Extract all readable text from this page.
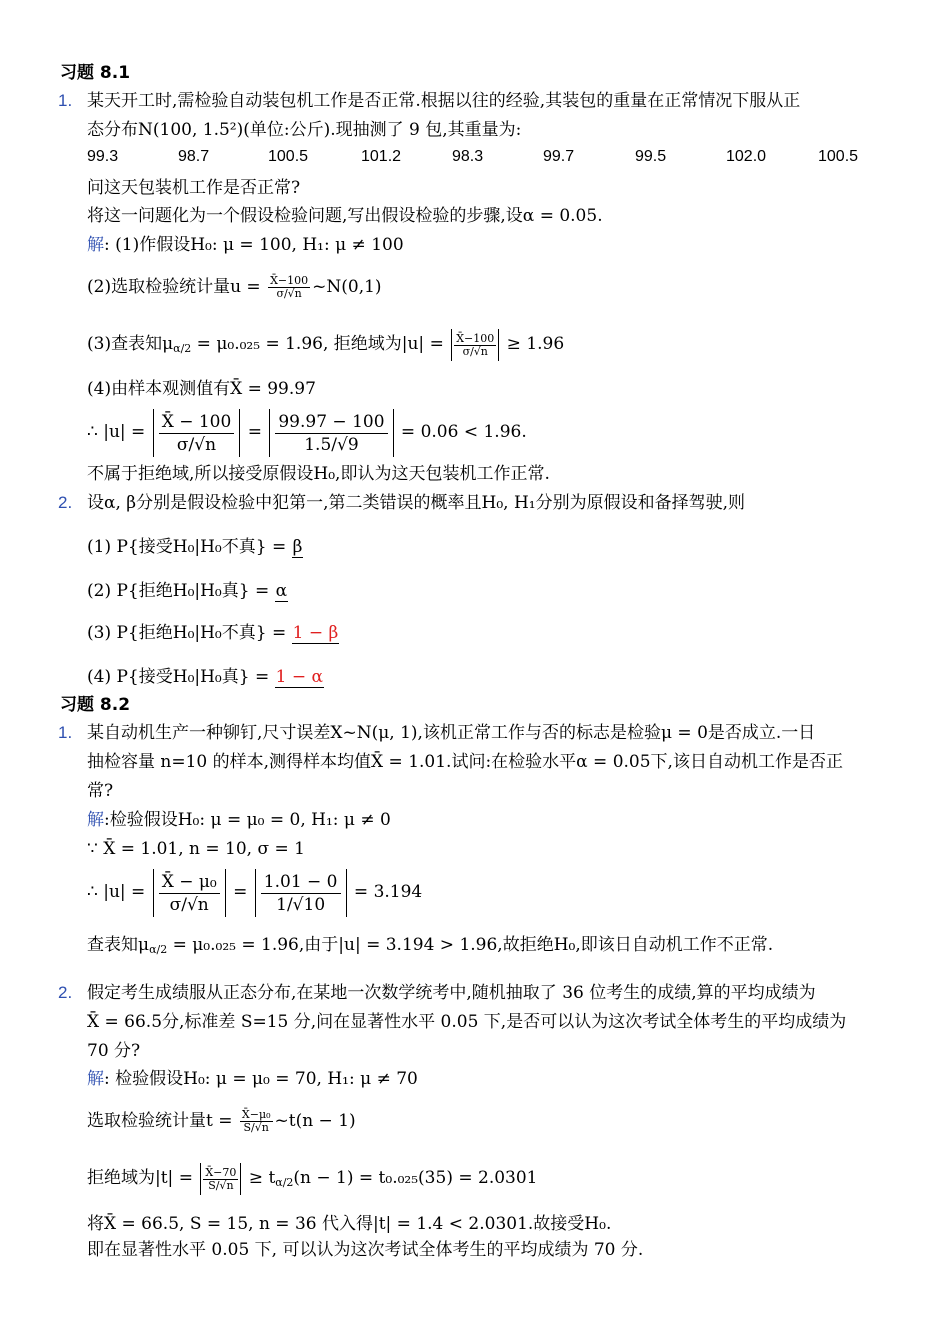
习题 8.1
1. 某天开工时,需检验自动装包机工作是否正常.根据以往的经验,其装包的重量在正常情况下服从正
态分布N(100, 1.5²)(单位:公斤).现抽测了 9 包,其重量为:
99.3	98.7	100.5	101.2	98.3	99.7	99.5	102.0	100.5
问这天包装机工作是否正常?
将这一问题化为一个假设检验问题,写出假设检验的步骤,设α = 0.05.
解: (1)作假设H₀: μ = 100, H₁: μ ≠ 100
(2)选取检验统计量$u = \frac{X̄-100}{\sigma/√n}$ ~N(0,1)
(3)查表知$\mu_{\alpha/2} = \mu_0._{025} = 1.96$, 拒绝域为$|u| = \frac{X̄-100}{\sigma/√n} \ge 1.96$
(4)由样本观测值有X̄ = 99.97
∴ $|u| = \frac{X̄ - 100}{\sigma/√n} = \frac{99.97 - 100}{1.5/√9} = 0.06 < 1.96$.
不属于拒绝域,所以接受原假设H₀,即认为这天包装机工作正常.
2. 设α, β分别是假设检验中犯第一,第二类错误的概率且H₀, H₁分别为原假设和备择驾驶,则
(1) P{接受H₀|H₀不真} = β
(2) P{拒绝H₀|H₀真} = α
(3) P{拒绝H₀|H₀不真} = 1 − β
(4) P{接受H₀|H₀真} = 1 − α
习题 8.2
1. 某自动机生产一种铆钉,尺寸误差X~N(μ, 1),该机正常工作与否的标志是检验μ = 0是否成立.一日
抽检容量 n=10 的样本,测得样本均值X̄ = 1.01.试问:在检验水平α = 0.05下,该日自动机工作是否正
常?
解:检验假设H₀: μ = μ₀ = 0, H₁: μ ≠ 0
∵ X̄ = 1.01, n = 10, σ = 1
∴ $|u| = \frac{\text{X̄ − μ₀}}{\sigma/√n} = \frac{1.01 - 0}{1/√10} = 3.194$
查表知$\mu_{\alpha/2} = \mu_0._{025} = 1.96$,由于|u| = 3.194 > 1.96,故拒绝H₀,即该日自动机工作不正常.
2. 假定考生成绩服从正态分布,在某地一次数学统考中,随机抽取了 36 位考生的成绩,算的平均成绩为
X̄ = 66.5分,标准差 S=15 分,问在显著性水平 0.05 下,是否可以认为这次考试全体考生的平均成绩为
70 分?
解: 检验假设H₀: μ = μ₀ = 70, H₁: μ ≠ 70
选取检验统计量$t = \frac{\text{X̄−μ₀}}{S/√n}$ ~t(n − 1)
拒绝域为$|t| = \frac{X̄-70}{S/√n} \ge t_{\alpha/2}(n - 1) = t_0._{025}(35) = 2.0301$
将X̄ = 66.5, S = 15, n = 36 代入得|t| = 1.4 < 2.0301.故接受H₀.
即在显著性水平 0.05 下, 可以认为这次考试全体考生的平均成绩为 70 分.
